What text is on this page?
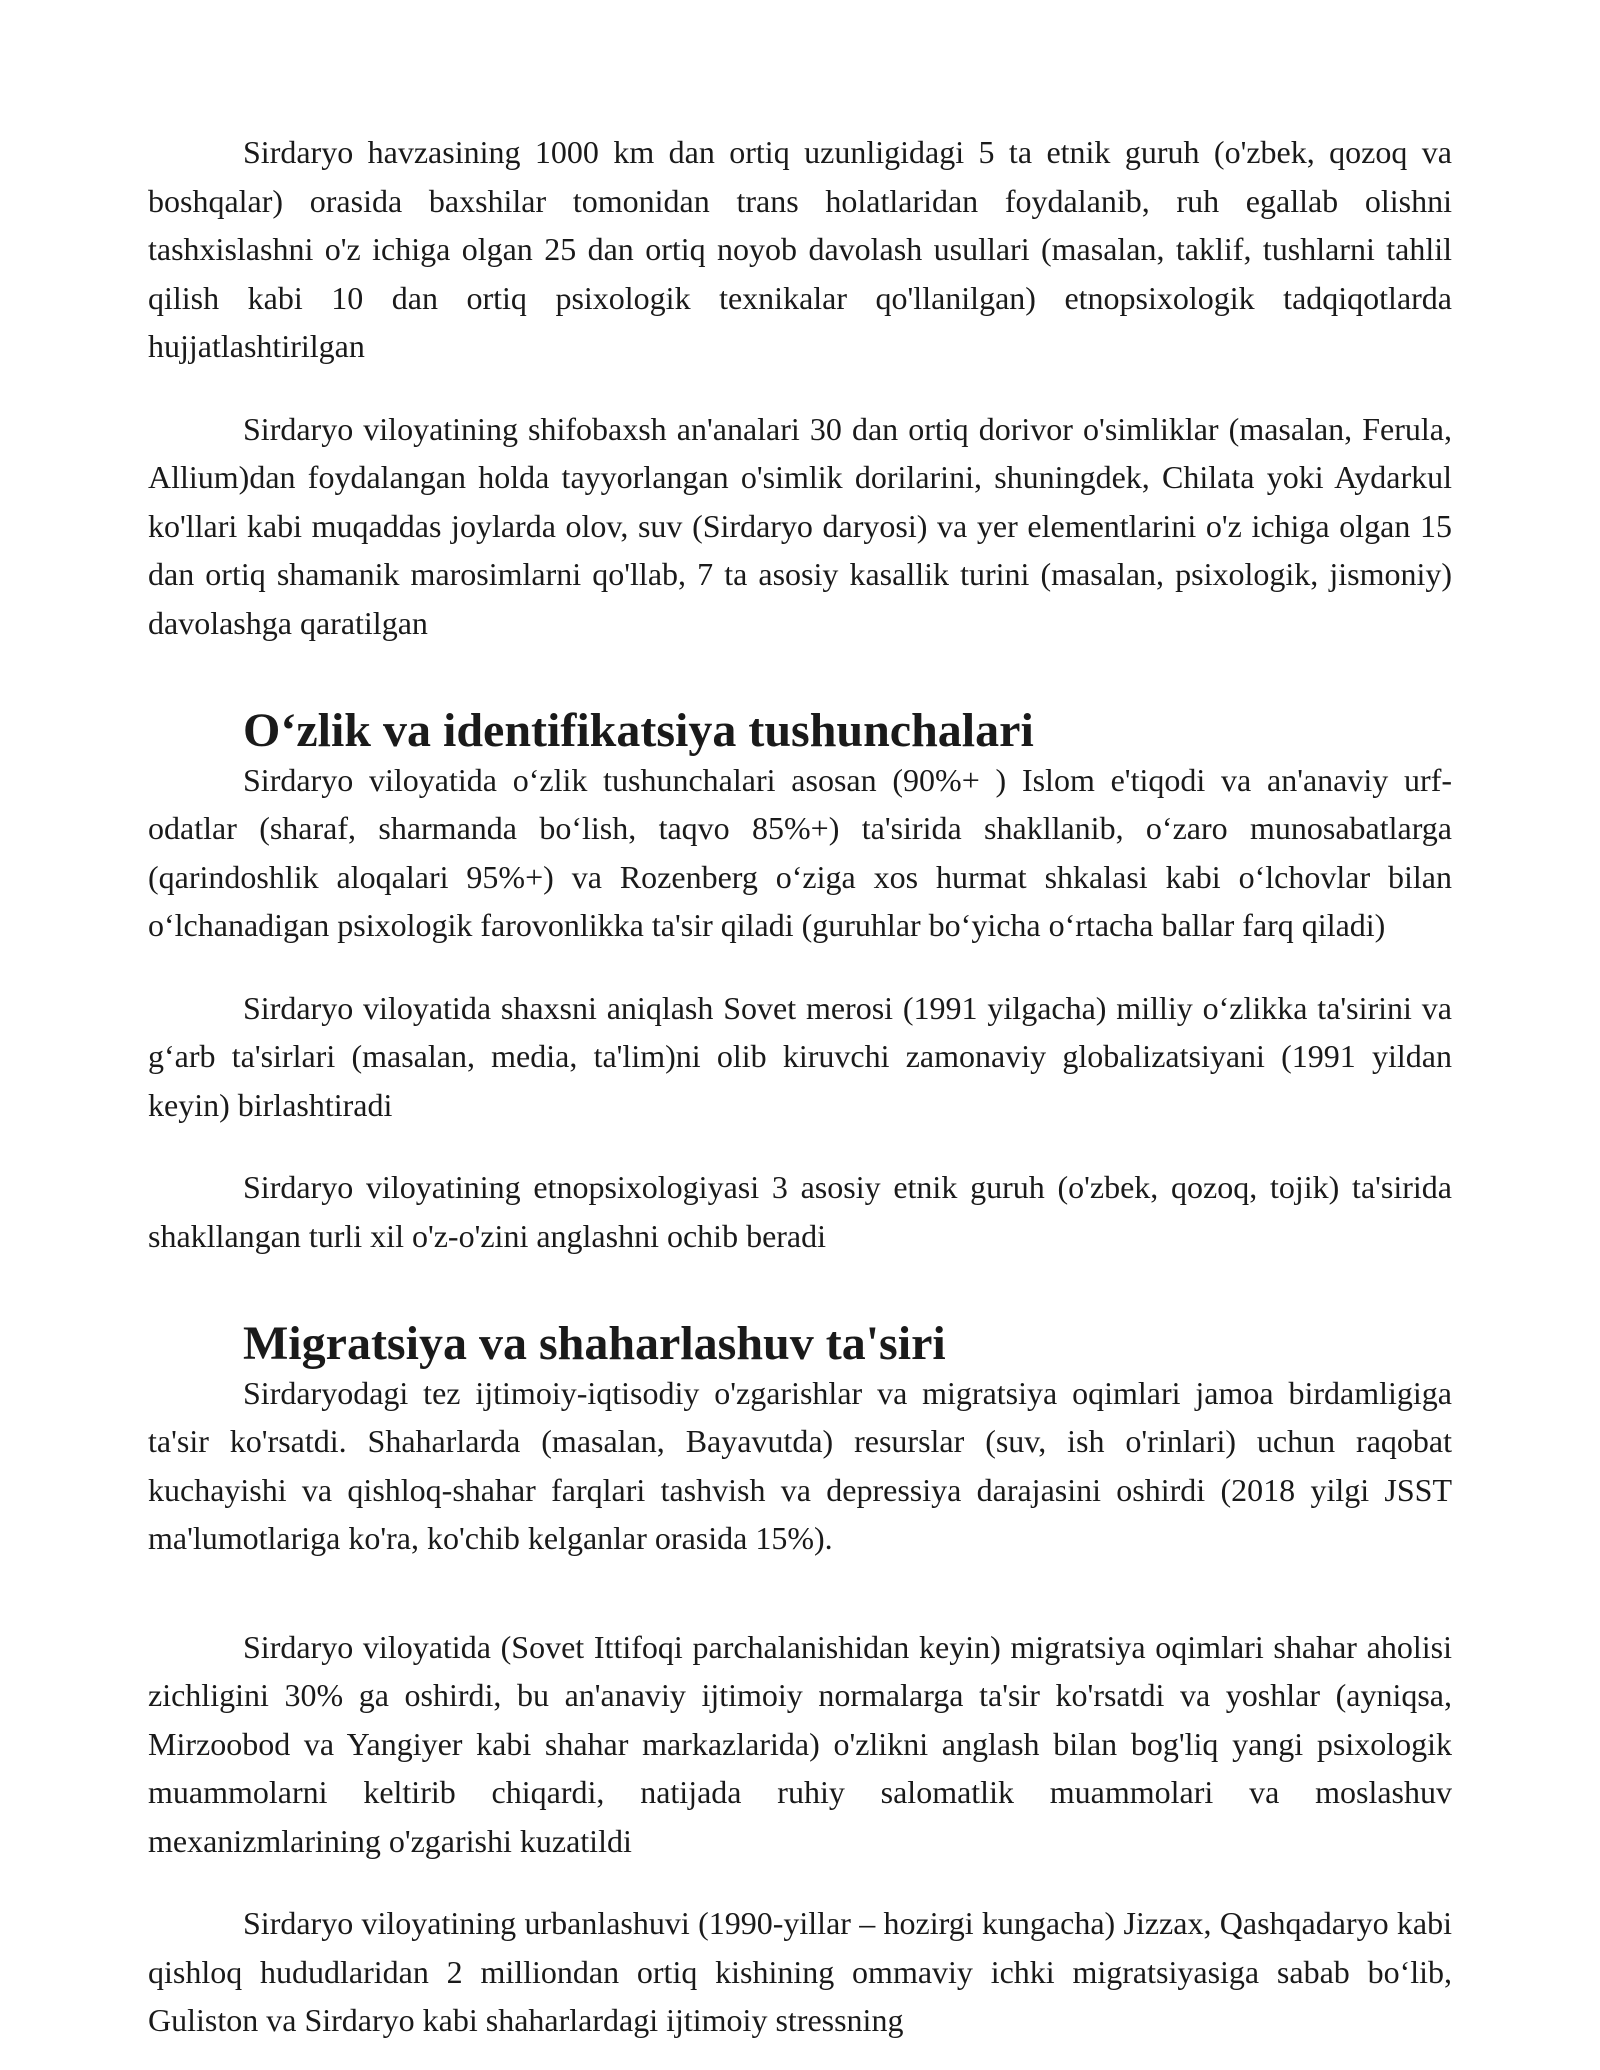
Sirdaryo havzasining 1000 km dan ortiq uzunligidagi 5 ta etnik guruh (o'zbek, qozoq va boshqalar) orasida baxshilar tomonidan trans holatlaridan foydalanib, ruh egallab olishni tashxislashni o'z ichiga olgan 25 dan ortiq noyob davolash usullari (masalan, taklif, tushlarni tahlil qilish kabi 10 dan ortiq psixologik texnikalar qo'llanilgan) etnopsixologik tadqiqotlarda hujjatlashtirilgan

Sirdaryo viloyatining shifobaxsh an'analari 30 dan ortiq dorivor o'simliklar (masalan, Ferula, Allium)dan foydalangan holda tayyorlangan o'simlik dorilarini, shuningdek, Chilata yoki Aydarkul ko'llari kabi muqaddas joylarda olov, suv (Sirdaryo daryosi) va yer elementlarini o'z ichiga olgan 15 dan ortiq shamanik marosimlarni qo'llab, 7 ta asosiy kasallik turini (masalan, psixologik, jismoniy) davolashga qaratilgan

O‘zlik va identifikatsiya tushunchalari

Sirdaryo viloyatida o‘zlik tushunchalari asosan (90%+ ) Islom e'tiqodi va an'anaviy urf-odatlar (sharaf, sharmanda bo‘lish, taqvo 85%+) ta'sirida shakllanib, o‘zaro munosabatlarga (qarindoshlik aloqalari 95%+) va Rozenberg o‘ziga xos hurmat shkalasi kabi o‘lchovlar bilan o‘lchanadigan psixologik farovonlikka ta'sir qiladi (guruhlar bo‘yicha o‘rtacha ballar farq qiladi)

Sirdaryo viloyatida shaxsni aniqlash Sovet merosi (1991 yilgacha) milliy o‘zlikka ta'sirini va g‘arb ta'sirlari (masalan, media, ta'lim)ni olib kiruvchi zamonaviy globalizatsiyani (1991 yildan keyin) birlashtiradi

Sirdaryo viloyatining etnopsixologiyasi 3 asosiy etnik guruh (o'zbek, qozoq, tojik) ta'sirida shakllangan turli xil o'z-o'zini anglashni ochib beradi

Migratsiya va shaharlashuv ta'siri

Sirdaryodagi tez ijtimoiy-iqtisodiy o'zgarishlar va migratsiya oqimlari jamoa birdamligiga ta'sir ko'rsatdi. Shaharlarda (masalan, Bayavutda) resurslar (suv, ish o'rinlari) uchun raqobat kuchayishi va qishloq-shahar farqlari tashvish va depressiya darajasini oshirdi (2018 yilgi JSST ma'lumotlariga ko'ra, ko'chib kelganlar orasida 15%).

Sirdaryo viloyatida (Sovet Ittifoqi parchalanishidan keyin) migratsiya oqimlari shahar aholisi zichligini 30% ga oshirdi, bu an'anaviy ijtimoiy normalarga ta'sir ko'rsatdi va yoshlar (ayniqsa, Mirzoobod va Yangiyer kabi shahar markazlarida) o'zlikni anglash bilan bog'liq yangi psixologik muammolarni keltirib chiqardi, natijada ruhiy salomatlik muammolari va moslashuv mexanizmlarining o'zgarishi kuzatildi

Sirdaryo viloyatining urbanlashuvi (1990-yillar – hozirgi kungacha) Jizzax, Qashqadaryo kabi qishloq hududlaridan 2 milliondan ortiq kishining ommaviy ichki migratsiyasiga sabab bo‘lib, Guliston va Sirdaryo kabi shaharlardagi ijtimoiy stressning
